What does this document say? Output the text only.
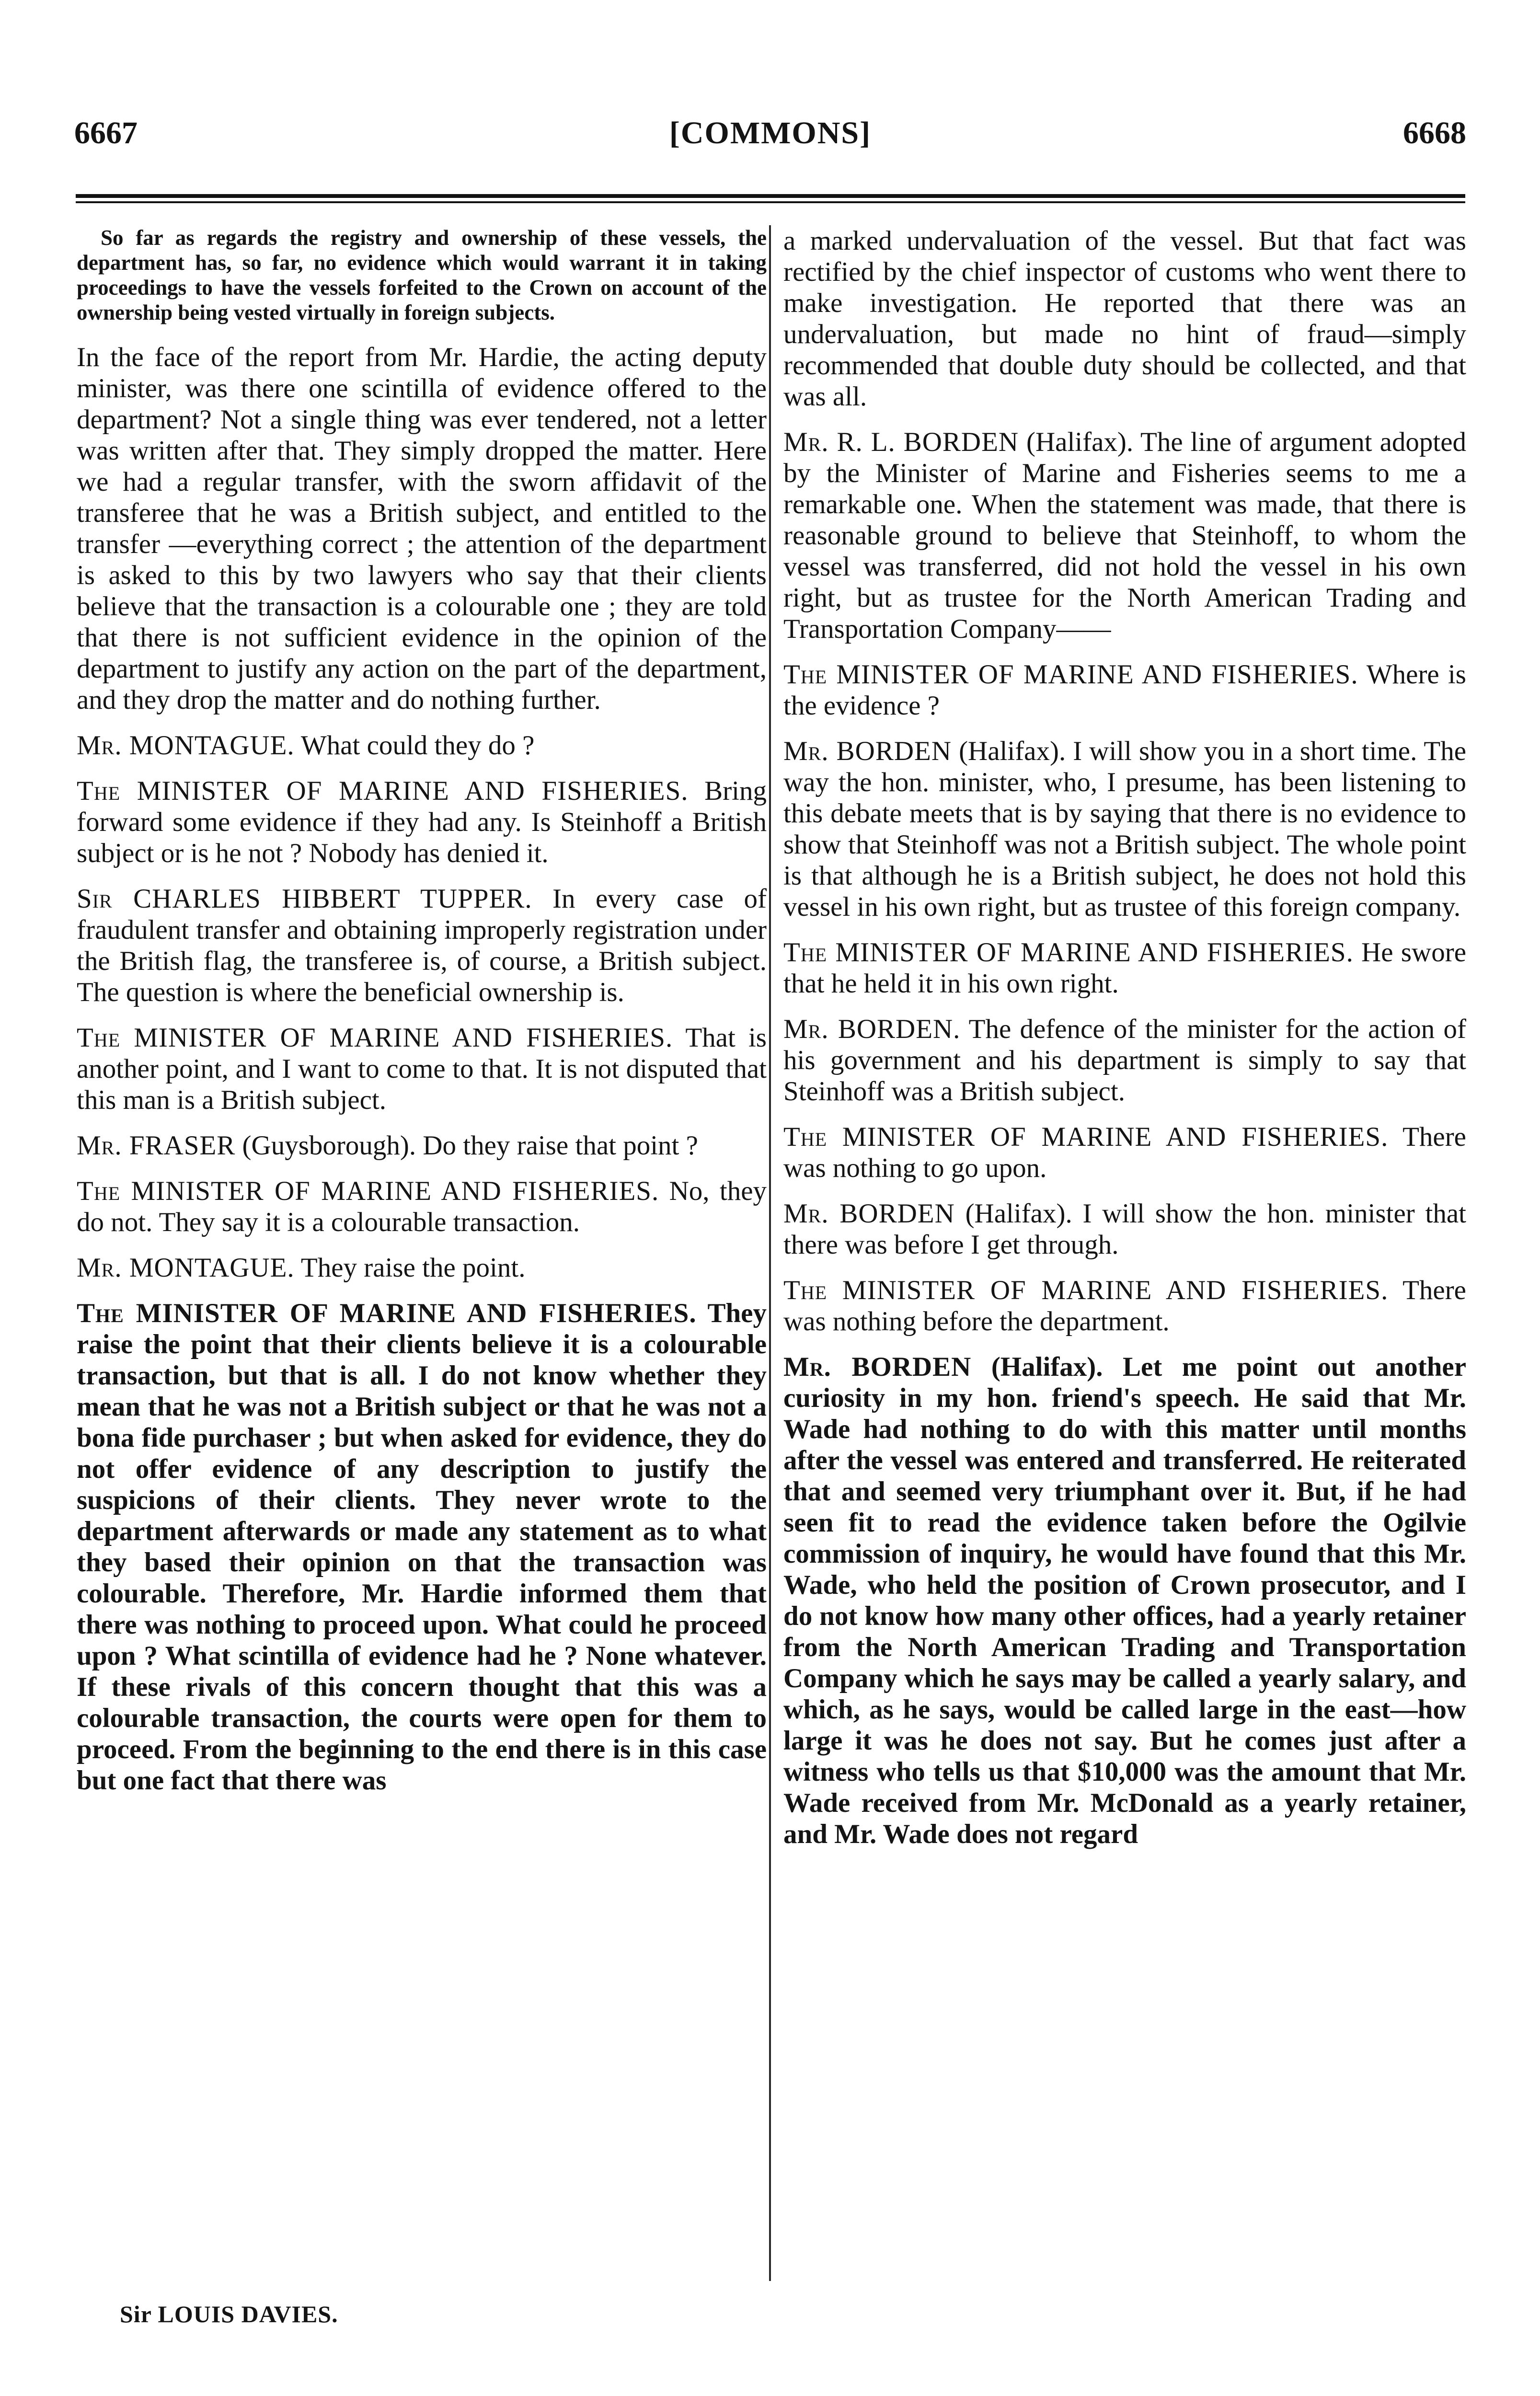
6667	[COMMONS]	6668

So far as regards the registry and ownership of these vessels, the department has, so far, no evidence which would warrant it in taking proceedings to have the vessels forfeited to the Crown on account of the ownership being vested virtually in foreign subjects.

In the face of the report from Mr. Hardie, the acting deputy minister, was there one scintilla of evidence offered to the department? Not a single thing was ever tendered, not a letter was written after that. They simply dropped the matter. Here we had a regular transfer, with the sworn affidavit of the transferee that he was a British subject, and entitled to the transfer —everything correct ; the attention of the department is asked to this by two lawyers who say that their clients believe that the transaction is a colourable one ; they are told that there is not sufficient evidence in the opinion of the department to justify any action on the part of the department, and they drop the matter and do nothing further.

Mr. MONTAGUE. What could they do ?

The MINISTER OF MARINE AND FISHERIES. Bring forward some evidence if they had any. Is Steinhoff a British subject or is he not ? Nobody has denied it.

Sir CHARLES HIBBERT TUPPER. In every case of fraudulent transfer and obtaining improperly registration under the British flag, the transferee is, of course, a British subject. The question is where the beneficial ownership is.

The MINISTER OF MARINE AND FISHERIES. That is another point, and I want to come to that. It is not disputed that this man is a British subject.

Mr. FRASER (Guysborough). Do they raise that point ?

The MINISTER OF MARINE AND FISHERIES. No, they do not. They say it is a colourable transaction.

Mr. MONTAGUE. They raise the point.

The MINISTER OF MARINE AND FISHERIES. They raise the point that their clients believe it is a colourable transaction, but that is all. I do not know whether they mean that he was not a British subject or that he was not a bona fide purchaser ; but when asked for evidence, they do not offer evidence of any description to justify the suspicions of their clients. They never wrote to the department afterwards or made any statement as to what they based their opinion on that the transaction was colourable. Therefore, Mr. Hardie informed them that there was nothing to proceed upon. What could he proceed upon ? What scintilla of evidence had he ? None whatever. If these rivals of this concern thought that this was a colourable transaction, the courts were open for them to proceed. From the beginning to the end there is in this case but one fact that there was

a marked undervaluation of the vessel. But that fact was rectified by the chief inspector of customs who went there to make investigation. He reported that there was an undervaluation, but made no hint of fraud—simply recommended that double duty should be collected, and that was all.

Mr. R. L. BORDEN (Halifax). The line of argument adopted by the Minister of Marine and Fisheries seems to me a remarkable one. When the statement was made, that there is reasonable ground to believe that Steinhoff, to whom the vessel was transferred, did not hold the vessel in his own right, but as trustee for the North American Trading and Transportation Company——

The MINISTER OF MARINE AND FISHERIES. Where is the evidence ?

Mr. BORDEN (Halifax). I will show you in a short time. The way the hon. minister, who, I presume, has been listening to this debate meets that is by saying that there is no evidence to show that Steinhoff was not a British subject. The whole point is that although he is a British subject, he does not hold this vessel in his own right, but as trustee of this foreign company.

The MINISTER OF MARINE AND FISHERIES. He swore that he held it in his own right.

Mr. BORDEN. The defence of the minister for the action of his government and his department is simply to say that Steinhoff was a British subject.

The MINISTER OF MARINE AND FISHERIES. There was nothing to go upon.

Mr. BORDEN (Halifax). I will show the hon. minister that there was before I get through.

The MINISTER OF MARINE AND FISHERIES. There was nothing before the department.

Mr. BORDEN (Halifax). Let me point out another curiosity in my hon. friend's speech. He said that Mr. Wade had nothing to do with this matter until months after the vessel was entered and transferred. He reiterated that and seemed very triumphant over it. But, if he had seen fit to read the evidence taken before the Ogilvie commission of inquiry, he would have found that this Mr. Wade, who held the position of Crown prosecutor, and I do not know how many other offices, had a yearly retainer from the North American Trading and Transportation Company which he says may be called a yearly salary, and which, as he says, would be called large in the east—how large it was he does not say. But he comes just after a witness who tells us that $10,000 was the amount that Mr. Wade received from Mr. McDonald as a yearly retainer, and Mr. Wade does not regard

Sir LOUIS DAVIES.
